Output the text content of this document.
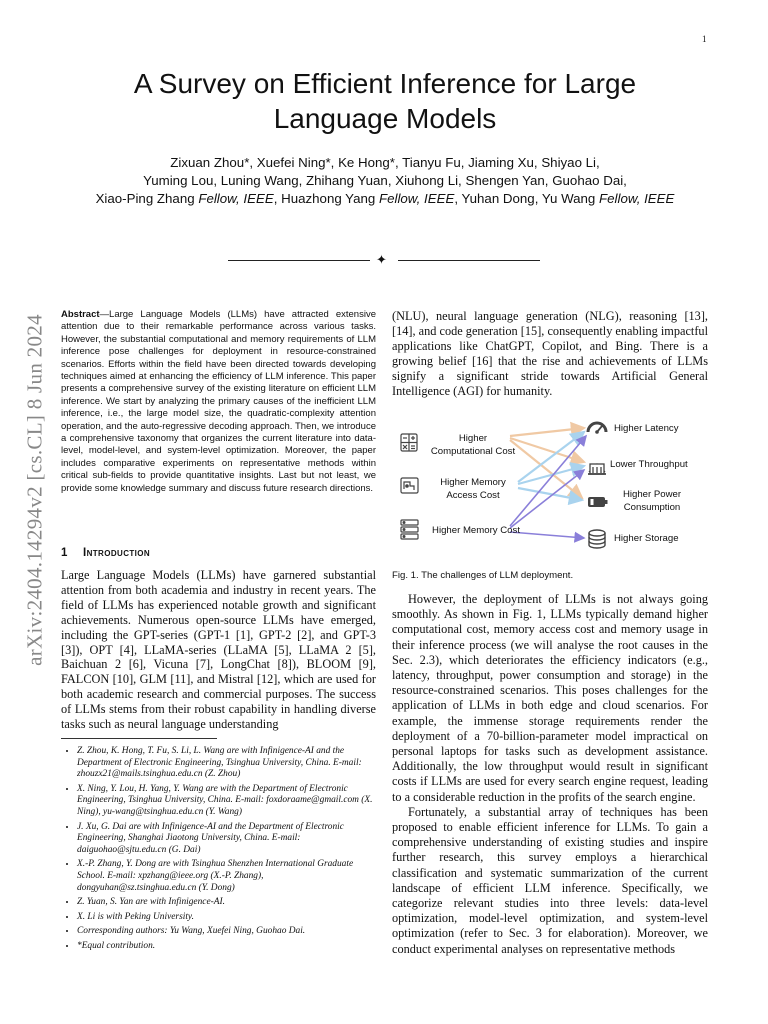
1
A Survey on Efficient Inference for Large Language Models
Zixuan Zhou*, Xuefei Ning*, Ke Hong*, Tianyu Fu, Jiaming Xu, Shiyao Li,
Yuming Lou, Luning Wang, Zhihang Yuan, Xiuhong Li, Shengen Yan, Guohao Dai,
Xiao-Ping Zhang Fellow, IEEE, Huazhong Yang Fellow, IEEE, Yuhan Dong, Yu Wang Fellow, IEEE
✦
arXiv:2404.14294v2 [cs.CL] 8 Jun 2024 Abstract—Large Language Models (LLMs) have attracted extensive attention due to their remarkable performance across various tasks. However, the substantial computational and memory requirements of LLM inference pose challenges for deployment in resource-constrained scenarios. Efforts within the field have been directed towards developing techniques aimed at enhancing the efficiency of LLM inference. This paper presents a comprehensive survey of the existing literature on efficient LLM inference. We start by analyzing the primary causes of the inefficient LLM inference, i.e., the large model size, the quadratic-complexity attention operation, and the auto-regressive decoding approach. Then, we introduce a comprehensive taxonomy that organizes the current literature into data-level, model-level, and system-level optimization. Moreover, the paper includes comparative experiments on representative methods within critical sub-fields to provide quantitative insights. Last but not least, we provide some knowledge summary and discuss future research directions.
1 Introduction
Large Language Models (LLMs) have garnered substantial attention from both academia and industry in recent years. The field of LLMs has experienced notable growth and significant achievements. Numerous open-source LLMs have emerged, including the GPT-series (GPT-1 [1], GPT-2 [2], and GPT-3 [3]), OPT [4], LLaMA-series (LLaMA [5], LLaMA 2 [5], Baichuan 2 [6], Vicuna [7], LongChat [8]), BLOOM [9], FALCON [10], GLM [11], and Mistral [12], which are used for both academic research and commercial purposes. The success of LLMs stems from their robust capability in handling diverse tasks such as neural language understanding
• Z. Zhou, K. Hong, T. Fu, S. Li, L. Wang are with Infinigence-AI and the Department of Electronic Engineering, Tsinghua University, China. E-mail: zhouzx21@mails.tsinghua.edu.cn (Z. Zhou)
• X. Ning, Y. Lou, H. Yang, Y. Wang are with the Department of Electronic Engineering, Tsinghua University, China. E-mail: foxdoraame@gmail.com (X. Ning), yu-wang@tsinghua.edu.cn (Y. Wang)
• J. Xu, G. Dai are with Infinigence-AI and the Department of Electronic Engineering, Shanghai Jiaotong University, China. E-mail: daiguohao@sjtu.edu.cn (G. Dai)
• X.-P. Zhang, Y. Dong are with Tsinghua Shenzhen International Graduate School. E-mail: xpzhang@ieee.org (X.-P. Zhang), dongyuhan@sz.tsinghua.edu.cn (Y. Dong)
• Z. Yuan, S. Yan are with Infinigence-AI.
• X. Li is with Peking University.
• Corresponding authors: Yu Wang, Xuefei Ning, Guohao Dai.
• *Equal contribution.
(NLU), neural language generation (NLG), reasoning [13], [14], and code generation [15], consequently enabling impactful applications like ChatGPT, Copilot, and Bing. There is a growing belief [16] that the rise and achievements of LLMs signify a significant stride towards Artificial General Intelligence (AGI) for humanity.
Higher Computational Cost
Higher Memory Access Cost
Higher Memory Cost
Higher Latency
Lower Throughput
Higher Power Consumption
Higher Storage
Fig. 1. The challenges of LLM deployment.

However, the deployment of LLMs is not always going smoothly. As shown in Fig. 1, LLMs typically demand higher computational cost, memory access cost and memory usage in their inference process (we will analyse the root causes in the Sec. 2.3), which deteriorates the efficiency indicators (e.g., latency, throughput, power consumption and storage) in the resource-constrained scenarios. This poses challenges for the application of LLMs in both edge and cloud scenarios. For example, the immense storage requirements render the deployment of a 70-billion-parameter model impractical on personal laptops for tasks such as development assistance. Additionally, the low throughput would result in significant costs if LLMs are used for every search engine request, leading to a considerable reduction in the profits of the search engine.

Fortunately, a substantial array of techniques has been proposed to enable efficient inference for LLMs. To gain a comprehensive understanding of existing studies and inspire further research, this survey employs a hierarchical classification and systematic summarization of the current landscape of efficient LLM inference. Specifically, we categorize relevant studies into three levels: data-level optimization, model-level optimization, and system-level optimization (refer to Sec. 3 for elaboration). Moreover, we conduct experimental analyses on representative methods
